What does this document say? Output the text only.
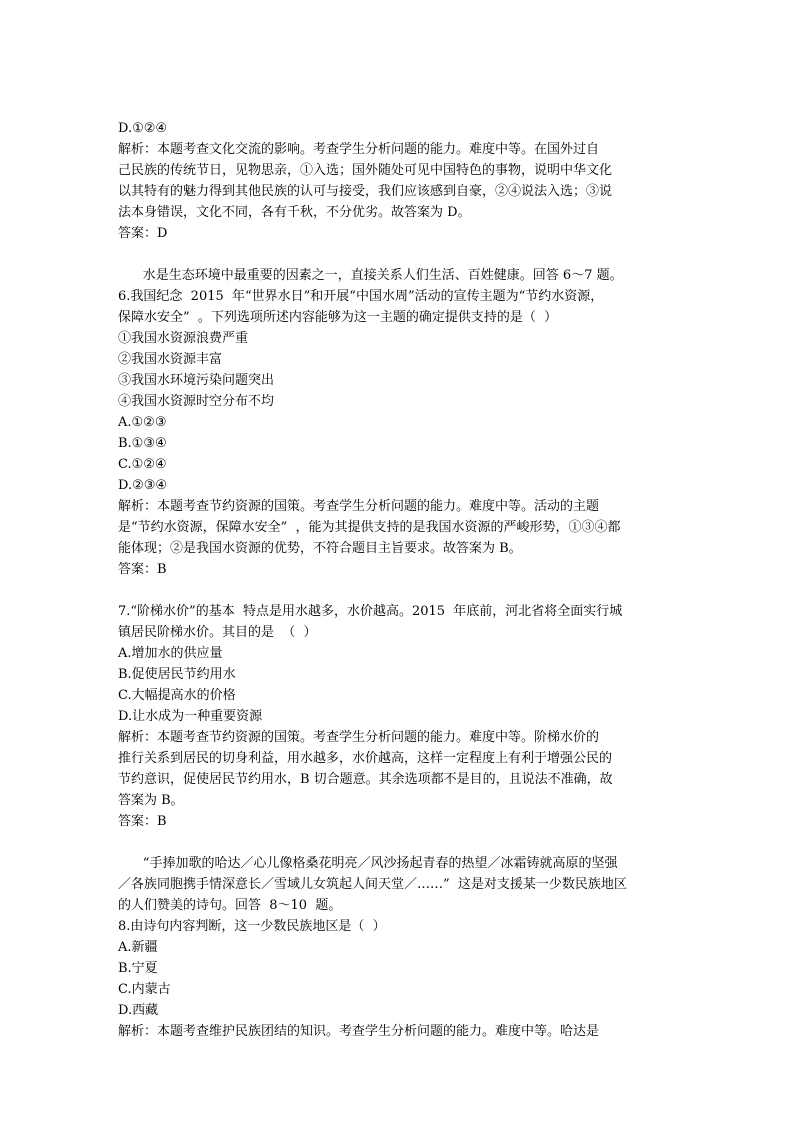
D.①②④
解析：本题考查文化交流的影响。考查学生分析问题的能力。难度中等。在国外过自
己民族的传统节日，见物思亲，①入选；国外随处可见中国特色的事物，说明中华文化
以其特有的魅力得到其他民族的认可与接受，我们应该感到自豪，②④说法入选；③说
法本身错误，文化不同，各有千秋，不分优劣。故答案为 D。
答案：D
水是生态环境中最重要的因素之一，直接关系人们生活、百姓健康。回答 6～7 题。
6.我国纪念  2015  年“世界水日”和开展“中国水周”活动的宣传主题为“节约水资源，
保障水安全”  。下列选项所述内容能够为这一主题的确定提供支持的是（  ）
①我国水资源浪费严重
②我国水资源丰富
③我国水环境污染问题突出
④我国水资源时空分布不均
A.①②③
B.①③④
C.①②④
D.②③④
解析：本题考查节约资源的国策。考查学生分析问题的能力。难度中等。活动的主题
是“节约水资源，保障水安全”  ，能为其提供支持的是我国水资源的严峻形势，①③④都
能体现；②是我国水资源的优势，不符合题目主旨要求。故答案为 B。
答案：B
7.“阶梯水价”的基本  特点是用水越多，水价越高。2015  年底前，河北省将全面实行城
镇居民阶梯水价。其目的是  （  ）
A.增加水的供应量
B.促使居民节约用水
C.大幅提高水的价格
D.让水成为一种重要资源
解析：本题考查节约资源的国策。考查学生分析问题的能力。难度中等。阶梯水价的
推行关系到居民的切身利益，用水越多，水价越高，这样一定程度上有利于增强公民的
节约意识，促使居民节约用水，B 切合题意。其余选项都不是目的，且说法不准确，故
答案为 B。
答案：B
“手捧加歌的哈达／心儿像格桑花明亮／风沙扬起青春的热望／冰霜铸就高原的坚强
／各族同胞携手情深意长／雪域儿女筑起人间天堂／……”  这是对支援某一少数民族地区
的人们赞美的诗句。回答  8～10  题。
8.由诗句内容判断，这一少数民族地区是（  ）
A.新疆
B.宁夏
C.内蒙古
D.西藏
解析：本题考查维护民族团结的知识。考查学生分析问题的能力。难度中等。哈达是
